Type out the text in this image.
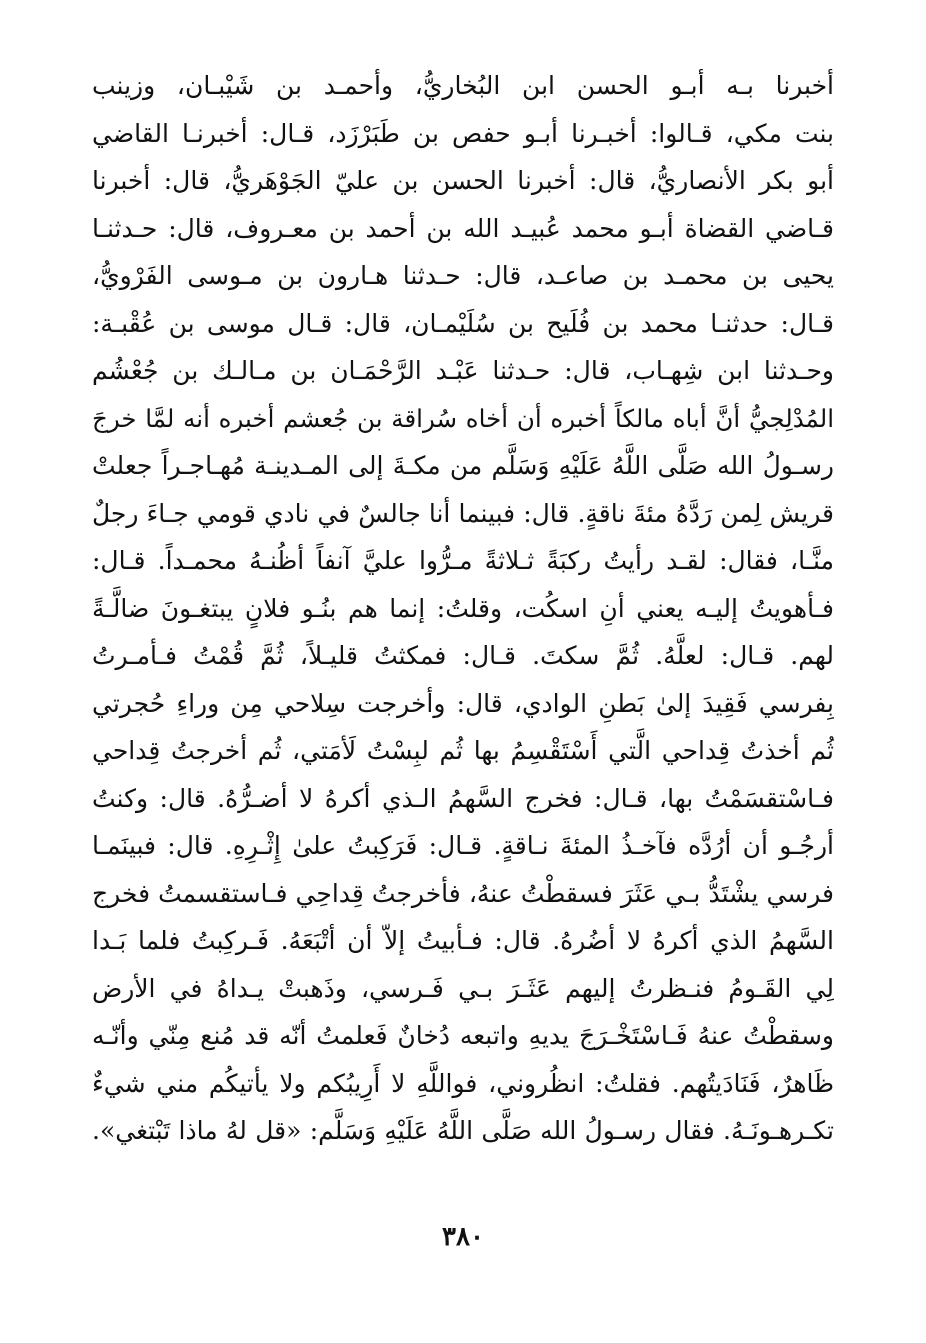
أخبرنا بـه أبـو الحسن ابن البُخاريُّ، وأحمـد بن شَيْبـان، وزينب
بنت مكي، قـالوا: أخبـرنا أبـو حفص بن طَبَرْزَد، قـال: أخبرنـا القاضي
أبو بكر الأنصاريُّ، قال: أخبرنا الحسن بن عليّ الجَوْهَريُّ، قال: أخبرنا
قـاضي القضاة أبـو محمد عُبيـد الله بن أحمد بن معـروف، قال: حـدثنـا
يحيى بن محمـد بن صاعـد، قال: حـدثنا هـارون بن مـوسى الفَرْويُّ،
قـال: حدثنـا محمد بن فُلَيح بن سُلَيْمـان، قال: قـال موسى بن عُقْبـة:
وحـدثنا ابن شِهـاب، قال: حـدثنا عَبْـد الرَّحْمَـان بن مـالـك بن جُعْشُم
المُدْلِجيُّ أنَّ أباه مالكاً أخبره أن أخاه سُراقة بن جُعشم أخبره أنه لمَّا خرجَ
رسـولُ الله صَلَّى اللَّهُ عَلَيْهِ وَسَلَّم من مكـةَ إلى المـدينـة مُهـاجـراً جعلتْ
قريش لِمن رَدَّهُ مئةَ ناقةٍ. قال: فبينما أنا جالسٌ في نادي قومي جـاءَ رجلٌ
منَّـا، فقال: لقـد رأيتُ ركبَةً ثـلاثةً مـرُّوا عليَّ آنفاً أظُنـهُ محمـداً. قـال:
فـأهويتُ إليـه يعني أنِ اسكُت، وقلتُ: إنما هم بنُـو فلانٍ يبتغـونَ ضالَّـةً
لهم. قـال: لعلَّهُ. ثُمَّ سكتَ. قـال: فمكثتُ قليـلاً، ثُمَّ قُمْتُ فـأمـرتُ
بِفرسي فَقِيدَ إلىٰ بَطنِ الوادي، قال: وأخرجت سِلاحي مِن وراءِ حُجرتي
ثُم أخذتُ قِداحي الَّتي أَسْتَقْسِمُ بها ثُم لبِسْتُ لَأمَتي، ثُم أخرجتُ قِداحي
فـاسْتقسَمْتُ بها، قـال: فخرج السَّهمُ الـذي أكرهُ لا أضـرُّهُ. قال: وكنتُ
أرجُـو أن أرُدَّه فآخـذُ المئةَ نـاقةٍ. قـال: فَرَكِبتُ علىٰ إِثْـرِهِ. قال: فبينَمـا
فرسي يشْتَدُّ بـي عَثَرَ فسقطْتُ عنهُ، فأخرجتُ قِداحِي فـاستقسمتُ فخرج
السَّهمُ الذي أكرهُ لا أضُرهُ. قال: فـأبيتُ إلاّ أن أتْبَعَهُ. فَـركِبتُ فلما بَـدا
لِي القَـومُ فنـظرتُ إليهم عَثَـرَ بـي فَـرسي، وذَهبتْ يـداهُ في الأرض
وسقطْتُ عنهُ فَـاسْتَخْـرَجَ يديهِ واتبعه دُخانٌ فَعلمتُ أنّه قد مُنع مِنّي وأنّـه
ظَاهرٌ، فَنَادَيتُهم. فقلتُ: انظُروني، فواللَّهِ لا أَرِيبُكم ولا يأتيكُم مني شيءٌ
تكـرهـونَـهُ. فقال رسـولُ الله صَلَّى اللَّهُ عَلَيْهِ وَسَلَّم: «قل لهُ ماذا تَبْتغي».
٣٨٠
